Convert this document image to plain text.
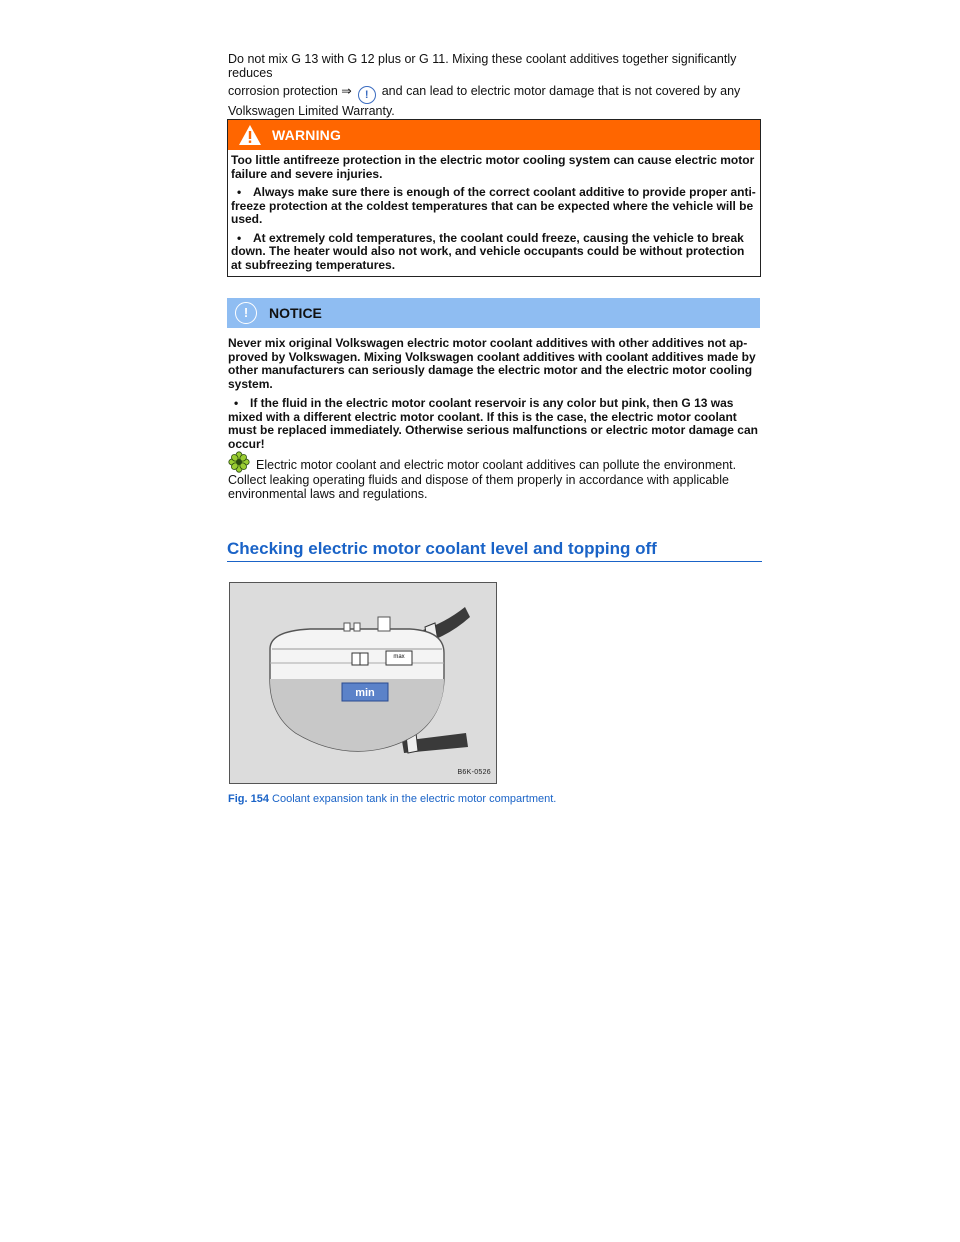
Do not mix G 13 with G 12 plus or G 11. Mixing these coolant additives together significantly reduces

corrosion protection ⇒ ! and can lead to electric motor damage that is not covered by any

Volkswagen Limited Warranty.

WARNING

Too little antifreeze protection in the electric motor cooling system can cause electric motor failure and severe injuries.

• Always make sure there is enough of the correct coolant additive to provide proper anti-freeze protection at the coldest temperatures that can be expected where the vehicle will be used.

• At extremely cold temperatures, the coolant could freeze, causing the vehicle to break down. The heater would also not work, and vehicle occupants could be without protection at subfreezing temperatures.

!	NOTICE

Never mix original Volkswagen electric motor coolant additives with other additives not ap-proved by Volkswagen. Mixing Volkswagen coolant additives with coolant additives made by other manufacturers can seriously damage the electric motor and the electric motor cooling system.

• If the fluid in the electric motor coolant reservoir is any color but pink, then G 13 was mixed with a different electric motor coolant. If this is the case, the electric motor coolant must be replaced immediately. Otherwise serious malfunctions or electric motor damage can occur!

Electric motor coolant and electric motor coolant additives can pollute the environment. Collect leaking operating fluids and dispose of them properly in accordance with applicable environmental laws and regulations.

Checking electric motor coolant level and topping off
max
min
B6K-0526
Fig. 154 Coolant expansion tank in the electric motor compartment.
